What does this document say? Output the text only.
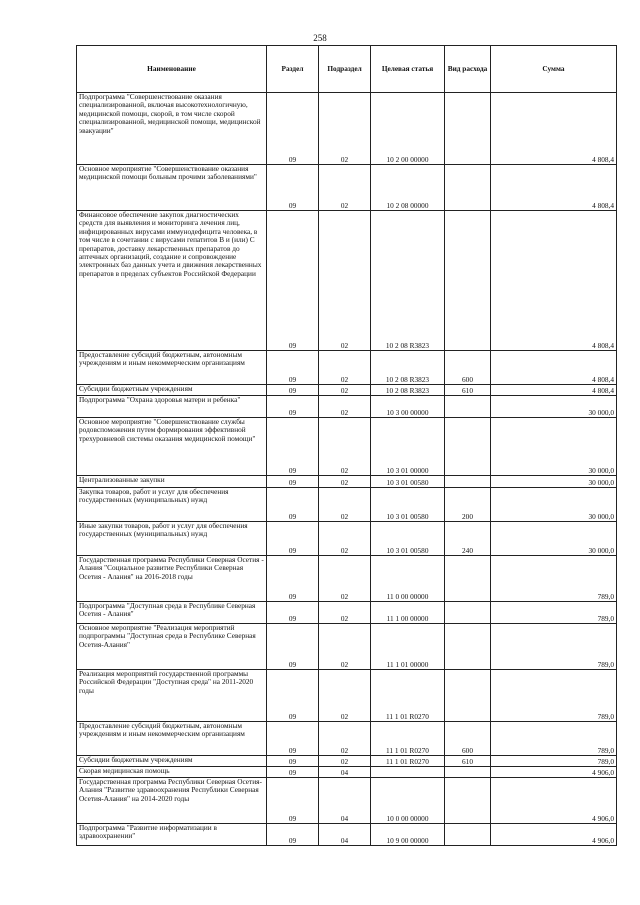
258
Наименование	Раздел	Подраздел	Целевая статья	Вид расхода	Сумма
Подпрограмма "Совершенствование оказания специализированной, включая высокотехнологичную, медицинской помощи, скорой, в том числе скорой специализированной, медицинской помощи, медицинской эвакуации"	09	02	10 2 00 00000		4 808,4
Основное мероприятие "Совершенствование оказания медицинской помощи больным прочими заболеваниями"	09	02	10 2 08 00000		4 808,4
Финансовое обеспечение закупок диагностических средств для выявления и мониторинга лечения лиц, инфицированных вирусами иммунодефицита человека, в том числе в сочетании с вирусами гепатитов В и (или) С препаратов, доставку лекарственных препаратов до аптечных организаций, создание и сопровождение электронных баз данных учета и движения лекарственных препаратов в пределах субъектов Российской Федерации	09	02	10 2 08 R3823		4 808,4
Предоставление субсидий бюджетным, автономным учреждениям и иным некоммерческим организациям	09	02	10 2 08 R3823	600	4 808,4
Субсидии бюджетным учреждениям	09	02	10 2 08 R3823	610	4 808,4
Подпрограмма "Охрана здоровья матери и ребенка"	09	02	10 3 00 00000		30 000,0
Основное мероприятие "Совершенствование службы родовспоможения путем формирования эффективной трехуровневой системы оказания медицинской помощи"	09	02	10 3 01 00000		30 000,0
Централизованные закупки	09	02	10 3 01 00580		30 000,0
Закупка товаров, работ и услуг для обеспечения государственных (муниципальных) нужд	09	02	10 3 01 00580	200	30 000,0
Иные закупки товаров, работ и услуг для обеспечения государственных (муниципальных) нужд	09	02	10 3 01 00580	240	30 000,0
Государственная программа Республики Северная Осетия - Алания "Социальное развитие Республики Северная Осетия - Алания" на 2016-2018 годы	09	02	11 0 00 00000		789,0
Подпрограмма "Доступная среда в Республике Северная Осетия - Алания"	09	02	11 1 00 00000		789,0
Основное мероприятие "Реализация мероприятий подпрограммы "Доступная среда в Республике Северная Осетия-Алания"	09	02	11 1 01 00000		789,0
Реализация мероприятий государственной программы Российской Федерации "Доступная среда" на 2011-2020 годы	09	02	11 1 01 R0270		789,0
Предоставление субсидий бюджетным, автономным учреждениям и иным некоммерческим организациям	09	02	11 1 01 R0270	600	789,0
Субсидии бюджетным учреждениям	09	02	11 1 01 R0270	610	789,0
Скорая медицинская помощь	09	04			4 906,0
Государственная программа Республики Северная Осетия-Алания "Развитие здравоохранения Республики Северная Осетия-Алания" на 2014-2020 годы	09	04	10 0 00 00000		4 906,0
Подпрограмма "Развитие информатизации в здравоохранении"	09	04	10 9 00 00000		4 906,0
